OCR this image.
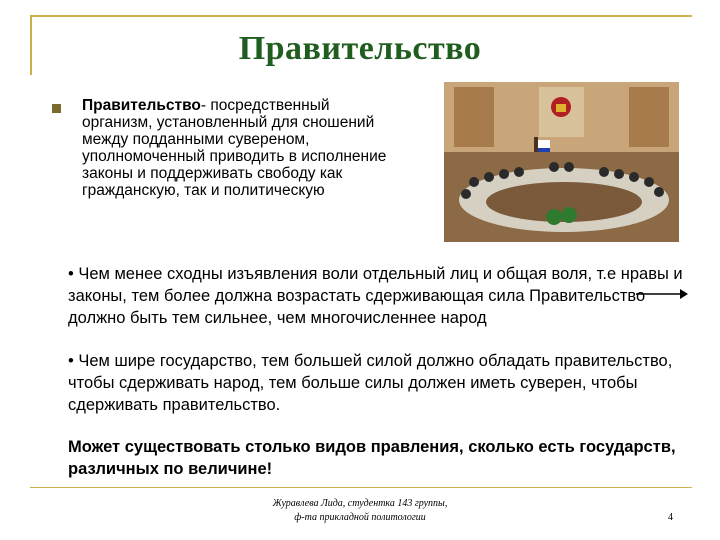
Правительство
Правительство- посредственный
организм, установленный для сношений между подданными сувереном, уполномоченный приводить в исполнение законы и поддерживать свободу как гражданскую, так и политическую
• Чем менее сходны изъявления воли отдельный лиц и общая воля, т.е нравы и законы, тем более должна возрастать сдерживающая сила Правительство должно быть тем сильнее, чем многочисленнее народ
• Чем шире государство, тем большей силой должно обладать правительство, чтобы сдерживать народ, тем больше силы должен иметь суверен, чтобы сдерживать правительство.
Может существовать столько видов правления, сколько есть государств, различных по величине!
Журавлева Лида, студентка 143 группы,
ф-та прикладной политологии	4
